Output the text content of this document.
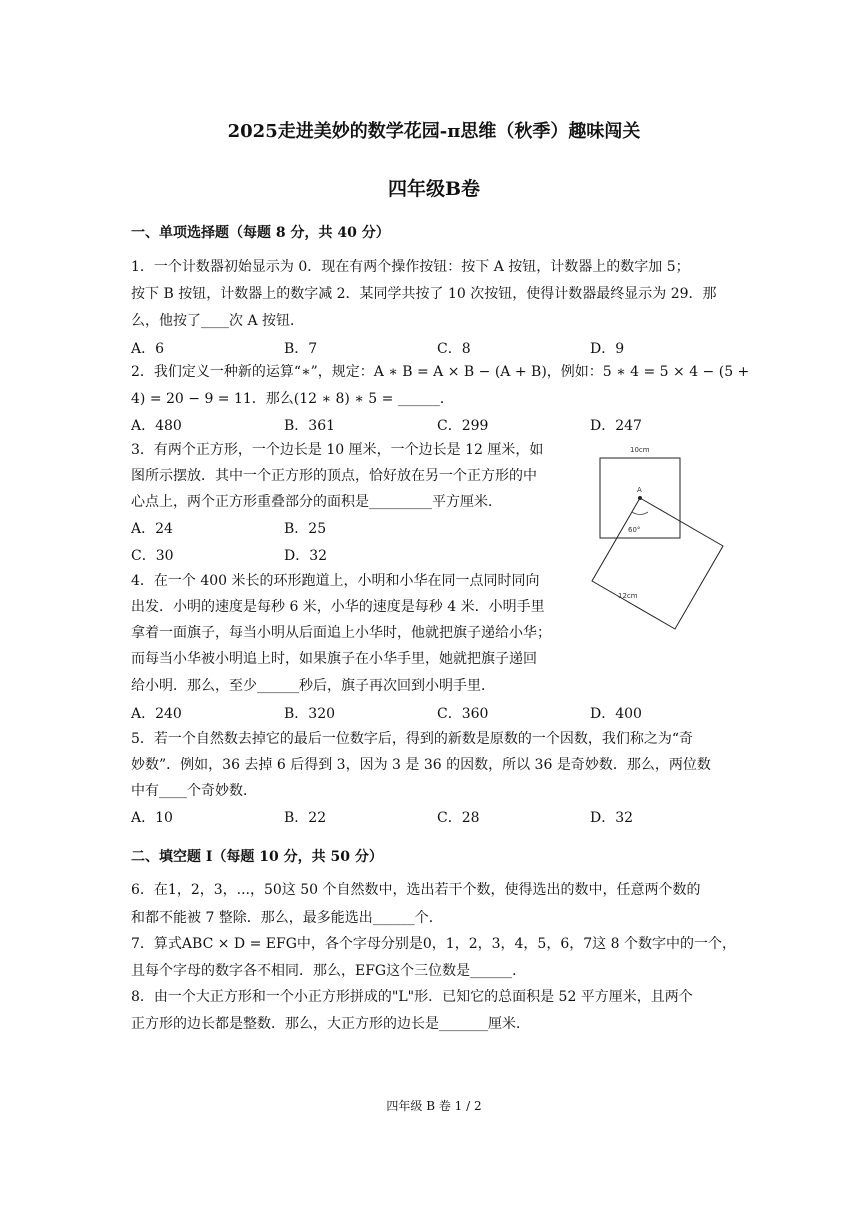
2025走进美妙的数学花园-π思维（秋季）趣味闯关
四年级B卷
一、单项选择题（每题 8 分，共 40 分）
1．一个计数器初始显示为 0．现在有两个操作按钮：按下 A 按钮，计数器上的数字加 5；
按下 B 按钮，计数器上的数字减 2．某同学共按了 10 次按钮，使得计数器最终显示为 29．那
么，他按了____次 A 按钮．
A．6	B．7	C．8	D．9
2．我们定义一种新的运算“∗”，规定：A ∗ B = A × B − (A + B)，例如：5 ∗ 4 = 5 × 4 − (5 +
4) = 20 − 9 = 11．那么(12 ∗ 8) ∗ 5 = ______．
A．480	B．361	C．299	D．247
3．有两个正方形，一个边长是 10 厘米，一个边长是 12 厘米，如
图所示摆放．其中一个正方形的顶点，恰好放在另一个正方形的中
心点上，两个正方形重叠部分的面积是_________平方厘米．
A．24	B．25
C．30	D．32
10cm
A
60°
12cm
4．在一个 400 米长的环形跑道上，小明和小华在同一点同时同向
出发．小明的速度是每秒 6 米，小华的速度是每秒 4 米．小明手里
拿着一面旗子，每当小明从后面追上小华时，他就把旗子递给小华；
而每当小华被小明追上时，如果旗子在小华手里，她就把旗子递回
给小明．那么，至少______秒后，旗子再次回到小明手里．
A．240	B．320	C．360	D．400
5．若一个自然数去掉它的最后一位数字后，得到的新数是原数的一个因数，我们称之为“奇
妙数”．例如，36 去掉 6 后得到 3，因为 3 是 36 的因数，所以 36 是奇妙数．那么，两位数
中有____个奇妙数．
A．10	B．22	C．28	D．32
二、填空题 I（每题 10 分，共 50 分）
6．在1，2，3，...，50这 50 个自然数中，选出若干个数，使得选出的数中，任意两个数的
和都不能被 7 整除．那么，最多能选出______个．
7．算式ABC × D = EFG中，各个字母分别是0，1，2，3，4，5，6，7这 8 个数字中的一个，
且每个字母的数字各不相同．那么，EFG这个三位数是______．
8．由一个大正方形和一个小正方形拼成的"L"形．已知它的总面积是 52 平方厘米，且两个
正方形的边长都是整数．那么，大正方形的边长是_______厘米．
四年级 B 卷 1 / 2
